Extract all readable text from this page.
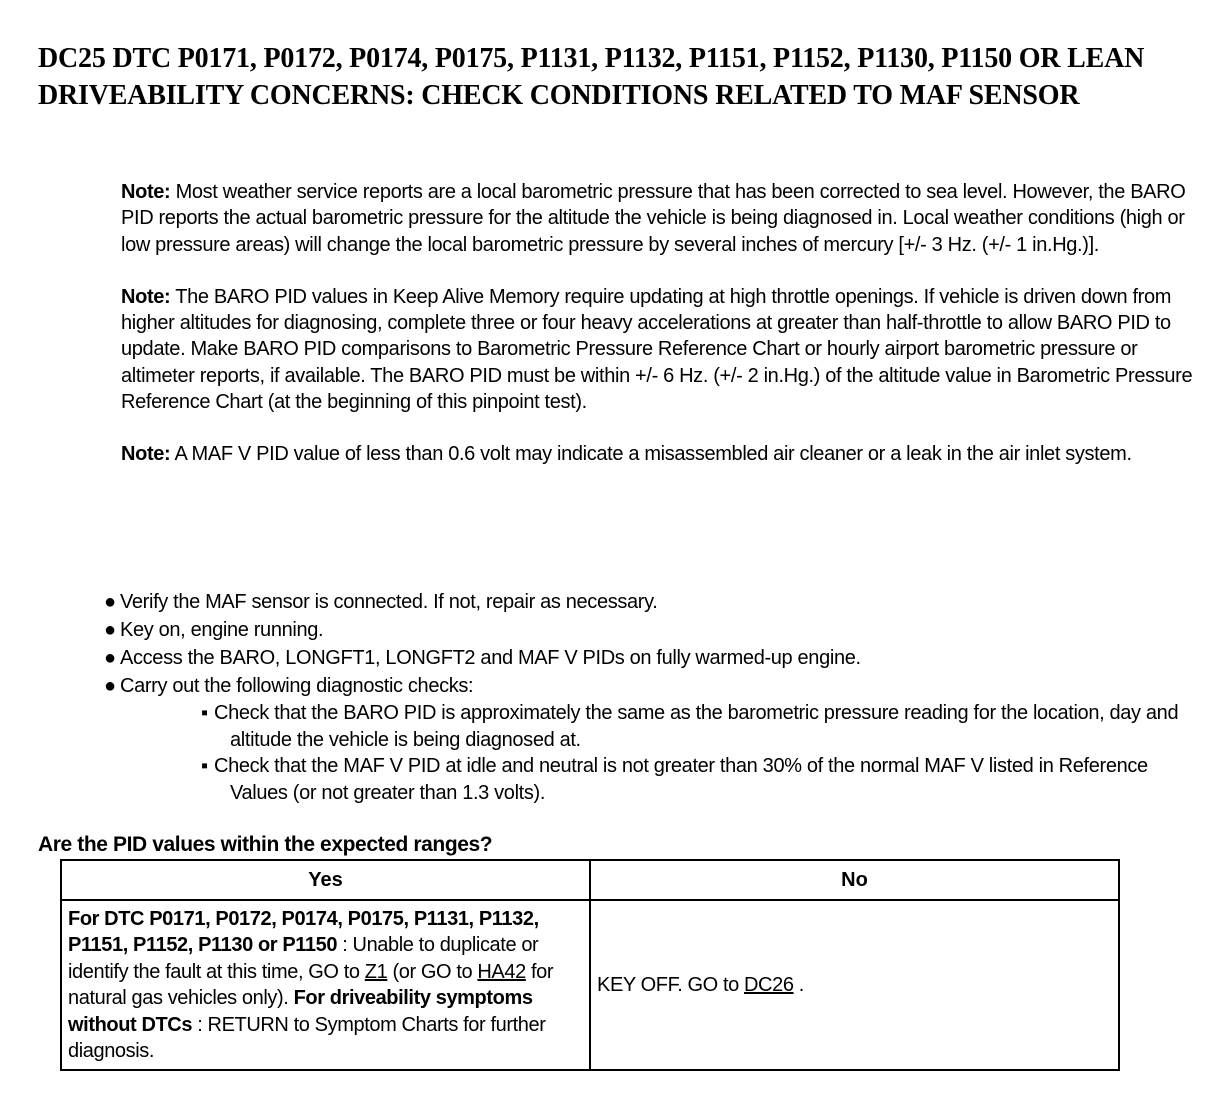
DC25 DTC P0171, P0172, P0174, P0175, P1131, P1132, P1151, P1152, P1130, P1150 OR LEAN DRIVEABILITY CONCERNS: CHECK CONDITIONS RELATED TO MAF SENSOR

Note: Most weather service reports are a local barometric pressure that has been corrected to sea level. However, the BARO PID reports the actual barometric pressure for the altitude the vehicle is being diagnosed in. Local weather conditions (high or low pressure areas) will change the local barometric pressure by several inches of mercury [+/- 3 Hz. (+/- 1 in.Hg.)].

Note: The BARO PID values in Keep Alive Memory require updating at high throttle openings. If vehicle is driven down from higher altitudes for diagnosing, complete three or four heavy accelerations at greater than half-throttle to allow BARO PID to update. Make BARO PID comparisons to Barometric Pressure Reference Chart or hourly airport barometric pressure or altimeter reports, if available. The BARO PID must be within +/- 6 Hz. (+/- 2 in.Hg.) of the altitude value in Barometric Pressure Reference Chart (at the beginning of this pinpoint test).

Note: A MAF V PID value of less than 0.6 volt may indicate a misassembled air cleaner or a leak in the air inlet system.

● Verify the MAF sensor is connected. If not, repair as necessary.
● Key on, engine running.
● Access the BARO, LONGFT1, LONGFT2 and MAF V PIDs on fully warmed-up engine.
● Carry out the following diagnostic checks:
▪ Check that the BARO PID is approximately the same as the barometric pressure reading for the location, day and altitude the vehicle is being diagnosed at.
▪ Check that the MAF V PID at idle and neutral is not greater than 30% of the normal MAF V listed in Reference Values (or not greater than 1.3 volts).

Are the PID values within the expected ranges?

Yes	No
For DTC P0171, P0172, P0174, P0175, P1131, P1132, P1151, P1152, P1130 or P1150 : Unable to duplicate or identify the fault at this time, GO to Z1 (or GO to HA42 for natural gas vehicles only). For driveability symptoms without DTCs : RETURN to Symptom Charts for further diagnosis.	KEY OFF. GO to DC26 .
